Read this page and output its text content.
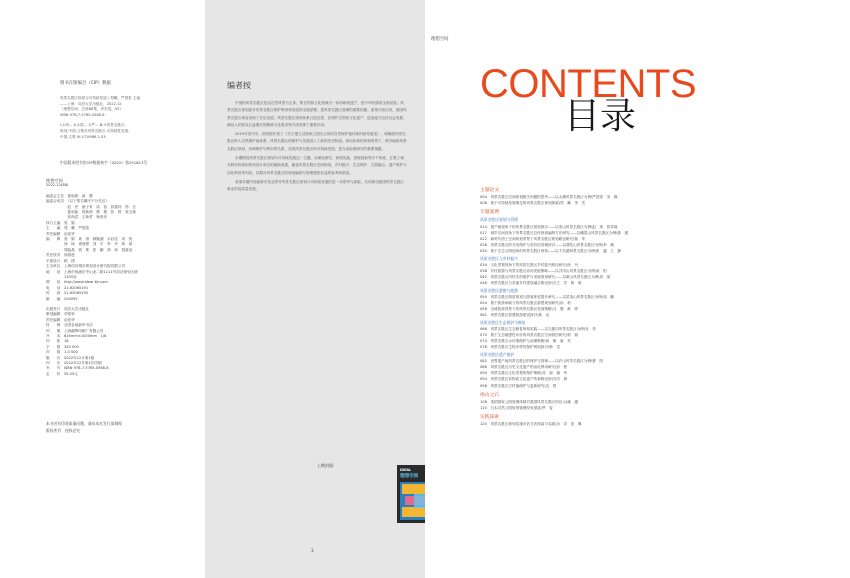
图书在版编目（CIP）数据
风景名胜区规划与可持续发展 / 郑曦，严国泰 主编
——上海：同济大学出版社，2022.12
（理想空间；总第88集，华东卷，92）
ISBN 978-7-5765-0568-8
Ⅰ.①风… Ⅱ.①郑… ②严… Ⅲ.①风景名胜区-
规划-中国-文集②风景名胜区-可持续性发展-
中国-文集 Ⅳ.①TU986.2-53
中国版本图书馆CIP数据核字（2022）第251813号
理想空间
2022-12(88)
编委会主任　夏南凯　俞　静
编委会成员　（以下排名顺序不分先后）
　　　　　　赵　民　唐子来　周　俭　彭震伟　郑　正
　　　　　　夏南凯　蒋新颜　缪　敏　张　榜　周玉斌
　　　　　　张尚武　王新哲　杨贵庆
执行主编　管　娟
主　　编　郑　曦　严国泰
责任编辑　由爱华
编　　辑　管　娟　姜　涛　顾毓涵　余启佳　刘　悦
　　　　　徐　杨　徐逸程　刘　平　李　丹　黄　斌
　　　　　郑晶晶　钱　维　张　鹏　徐　扬　钱嘉尧
责任校对　徐春莲
平面设计　顾　捷
主办单位　上海同济城市规划设计研究院有限公司
地　　址　上海市杨浦区中山北二路1111号同济规划大厦
　　　　　1105室
网　　址　http://www.ideal-Ke.com
电　　话　21-62065191
传　　真　21-62065192
邮　　编　200092
出版发行　同济大学出版社
策划编辑　华春荣
责任编辑　由爱华
经　　销　全国各地新华书店
印　　刷　上海颛辉印刷厂有限公司
开　　本　635mm×1000mm　1/8
印　　张　16
字　　数　320 000
印　　数　1-3 000
版　　次　2022年12月第1版
印　　次　2022年12月第1次印刷
书　　号　ISBN 978-7-5765-0568-8
定　　价　55.00元
本书若有印装质量问题，请向本社发行部调换
版权所有　侵权必究
编者按

中国的风景名胜区是以自然风景为主体，集自然和文化资源为一体的珍贵遗产，是中华民族的宝贵财富。风景名胜区规划是对风景名胜区保护利用和发展的全面部署，是风景名胜区管理的重要依据。改革开放以来，我国风景名胜区事业得到了长足发展，风景名胜区规划体系日趋完善，在保护自然和文化遗产、促进地方经济社会发展、满足人民群众日益增长的精神文化需求等方面发挥了重要作用。

2019年党中央、国务院印发了《关于建立以国家公园为主体的自然保护地体系的指导意见》，明确将风景名胜区纳入自然保护地体系，风景名胜区的保护与发展进入了新的历史阶段。如何在新的体制背景下，科学编制风景名胜区规划，协调保护与利用的关系，实现风景名胜区的可持续发展，是当前亟需研究的重要课题。

本期围绕风景名胜区规划与可持续发展这一主题，从理论研究、规划实践、管理创新等多个角度，汇集了相关研究机构和规划设计单位的最新成果，涵盖风景名胜区空间规划、乡村振兴、生态保护、文旅融合、遗产保护与活化利用等内容，以期为风景名胜区的规划编制与管理提供有益的参考和借鉴。

希望本期内容能够引发业界对风景名胜区规划与可持续发展的进一步思考与探索，共同推动我国风景名胜区事业的高质量发展。

上期封面：
IDEAL
理想空间
3
理想空间
CONTENTS
目录
主题论文
004　风景名胜区空间规划相关问题的思考——以太湖风景名胜区为例\严国泰　宋　霖
008　基于可持续发展理念的风景名胜区规划探索\郑　曦　李　雪
专题案例
风景名胜区规划与管理
014　遗产地视角下的风景名胜区规划探讨——以泰山风景名胜区为例\赵　爽　曾祥谋
017　城乡空间视角下风景名胜区总体规划编制方法研究——以峨眉山风景名胜区为例\陈　媛
022　新时代国土空间规划背景下风景名胜区规划路径研究\杨　华
026　风景名胜区的分类保护与差异化管理探讨——以普陀山风景名胜区为例\李　楠
030　基于生态文明视角的风景名胜区规划——以千岛湖风景名胜区为例\张　越　王　静
风景名胜区与乡村振兴
034　文化景观视角下的风景名胜区乡村振兴路径研究\徐　丹
038　乡村旅游与风景名胜区协同发展策略——以井冈山风景名胜区为例\高　阳
042　风景名胜区内村庄的保护与发展规划研究——以黄山风景名胜区为例\刘　斌
046　风景名胜区与美丽乡村建设融合路径探讨\王　芳　陈　明
风景名胜区游憩与旅游
050　风景名胜区游赏规划与游客体验提升研究——以武夷山风景名胜区为例\周　鹏
054　基于旅游承载力的风景名胜区游憩规划研究\孙　莉
058　全域旅游背景下的风景名胜区发展策略\马　骏　黄　婷
062　风景名胜区智慧旅游建设探讨\林　洁
风景名胜区生态保护与修复
066　风景名胜区生态修复规划实践——以九寨沟风景名胜区为例\吴　昊
070　基于生态敏感性评价的风景名胜区空间管控研究\郭　瑞
074　风景名胜区水环境保护与治理策略\何　敏　唐　亮
078　风景名胜区生物多样性保护规划探讨\韩　雪
风景名胜区遗产保护
082　世界遗产地风景名胜区的保护与管理——以庐山风景名胜区为例\曹　阳
086　风景名胜区历史文化遗产的活化利用研究\彭　程
090　风景名胜区文化景观的保护策略\邓　丽　谢　华
094　风景名胜区非物质文化遗产传承路径探讨\冯　晨
098　风景名胜区古村落保护与更新研究\沈　悦
他山之石
106　美国国家公园管理体制对我国风景名胜区的启示\潘　越
110　日本自然公园规划管理经验借鉴\罗　雯
实践探索
120　风景名胜区规划实施评估方法探索与实践\余　洋　范　琳
